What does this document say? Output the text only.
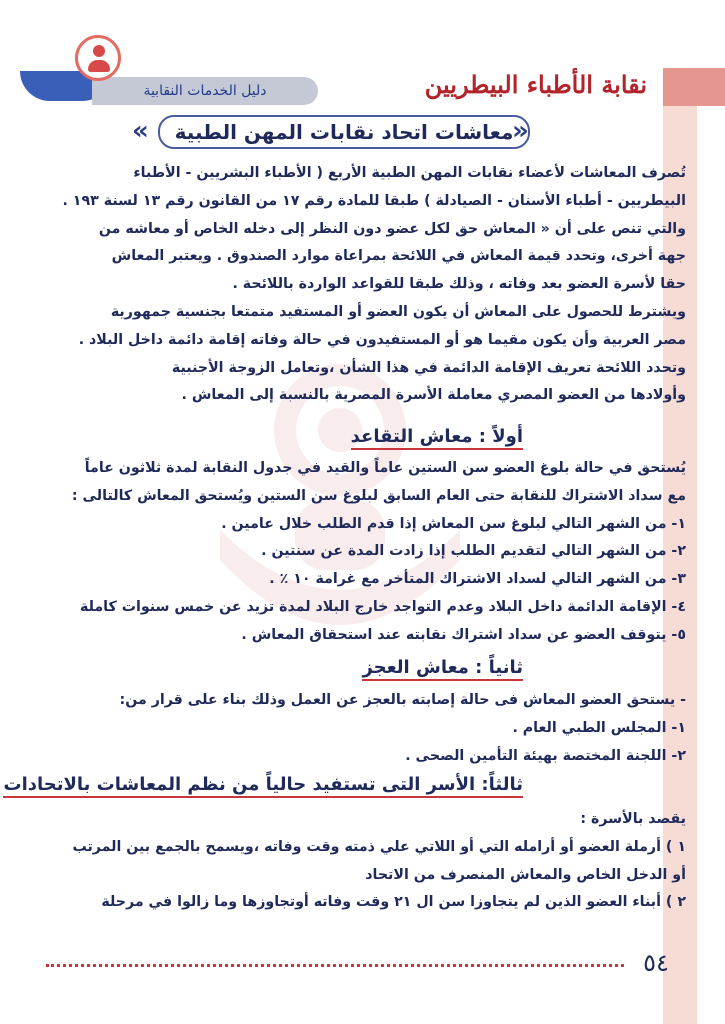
نقابة الأطباء البيطريين
دليل الخدمات النقابية
«	معاشات اتحاد نقابات المهن الطبية
»
تُصرف المعاشات لأعضاء نقابات المهن الطبية الأربع ( الأطباء البشريين - الأطباء
البيطريين - أطباء الأسنان - الصيادلة ) طبقا للمادة رقم ١٧ من القانون رقم ١٣ لسنة ١٩٣ .
والتي تنص على أن « المعاش حق لكل عضو دون النظر إلى دخله الخاص أو معاشه من
جهة أخرى، وتحدد قيمة المعاش في اللائحة بمراعاة موارد الصندوق . ويعتبر المعاش
حقا لأسرة العضو بعد وفاته ، وذلك طبقا للقواعد الواردة باللائحة .
ويشترط للحصول على المعاش أن يكون العضو أو المستفيد متمتعا بجنسية جمهورية
مصر العربية وأن يكون مقيما هو أو المستفيدون في حالة وفاته إقامة دائمة داخل البلاد .
وتحدد اللائحة تعريف الإقامة الدائمة في هذا الشأن ،وتعامل الزوجة الأجنبية
وأولادها من العضو المصري معاملة الأسرة المصرية بالنسبة إلى المعاش .
أولاً : معاش التقاعد
يُستحق في حالة بلوغ العضو سن الستين عاماً والقيد في جدول النقابة لمدة ثلاثون عاماً
مع سداد الاشتراك للنقابة حتى العام السابق لبلوغ سن الستين ويُستحق المعاش كالتالى :
١- من الشهر التالي لبلوغ سن المعاش إذا قدم الطلب خلال عامين .
٢- من الشهر التالي لتقديم الطلب إذا زادت المدة عن سنتين .
٣- من الشهر التالي لسداد الاشتراك المتأخر مع غرامة ١٠ ٪ .
٤- الإقامة الدائمة داخل البلاد وعدم التواجد خارج البلاد لمدة تزيد عن خمس سنوات كاملة
٥- يتوقف العضو عن سداد اشتراك نقابته عند استحقاق المعاش .
ثانياً : معاش العجز
- يستحق العضو المعاش فى حالة إصابته بالعجز عن العمل وذلك بناء على قرار من:
١- المجلس الطبي العام .
٢- اللجنة المختصة بهيئة التأمين الصحى .
ثالثاً: الأسر التى تستفيد حالياً من نظم المعاشات بالاتحادات
يقصد بالأسرة :
١ ) أرملة العضو أو أرامله التي أو اللاتي علي ذمته وقت وفاته ،ويسمح بالجمع بين المرتب
أو الدخل الخاص والمعاش المنصرف من الاتحاد
٢ ) أبناء العضو الذين لم يتجاوزا سن ال ٢١ وقت وفاته أوتجاوزها وما زالوا في مرحلة
٥٤
